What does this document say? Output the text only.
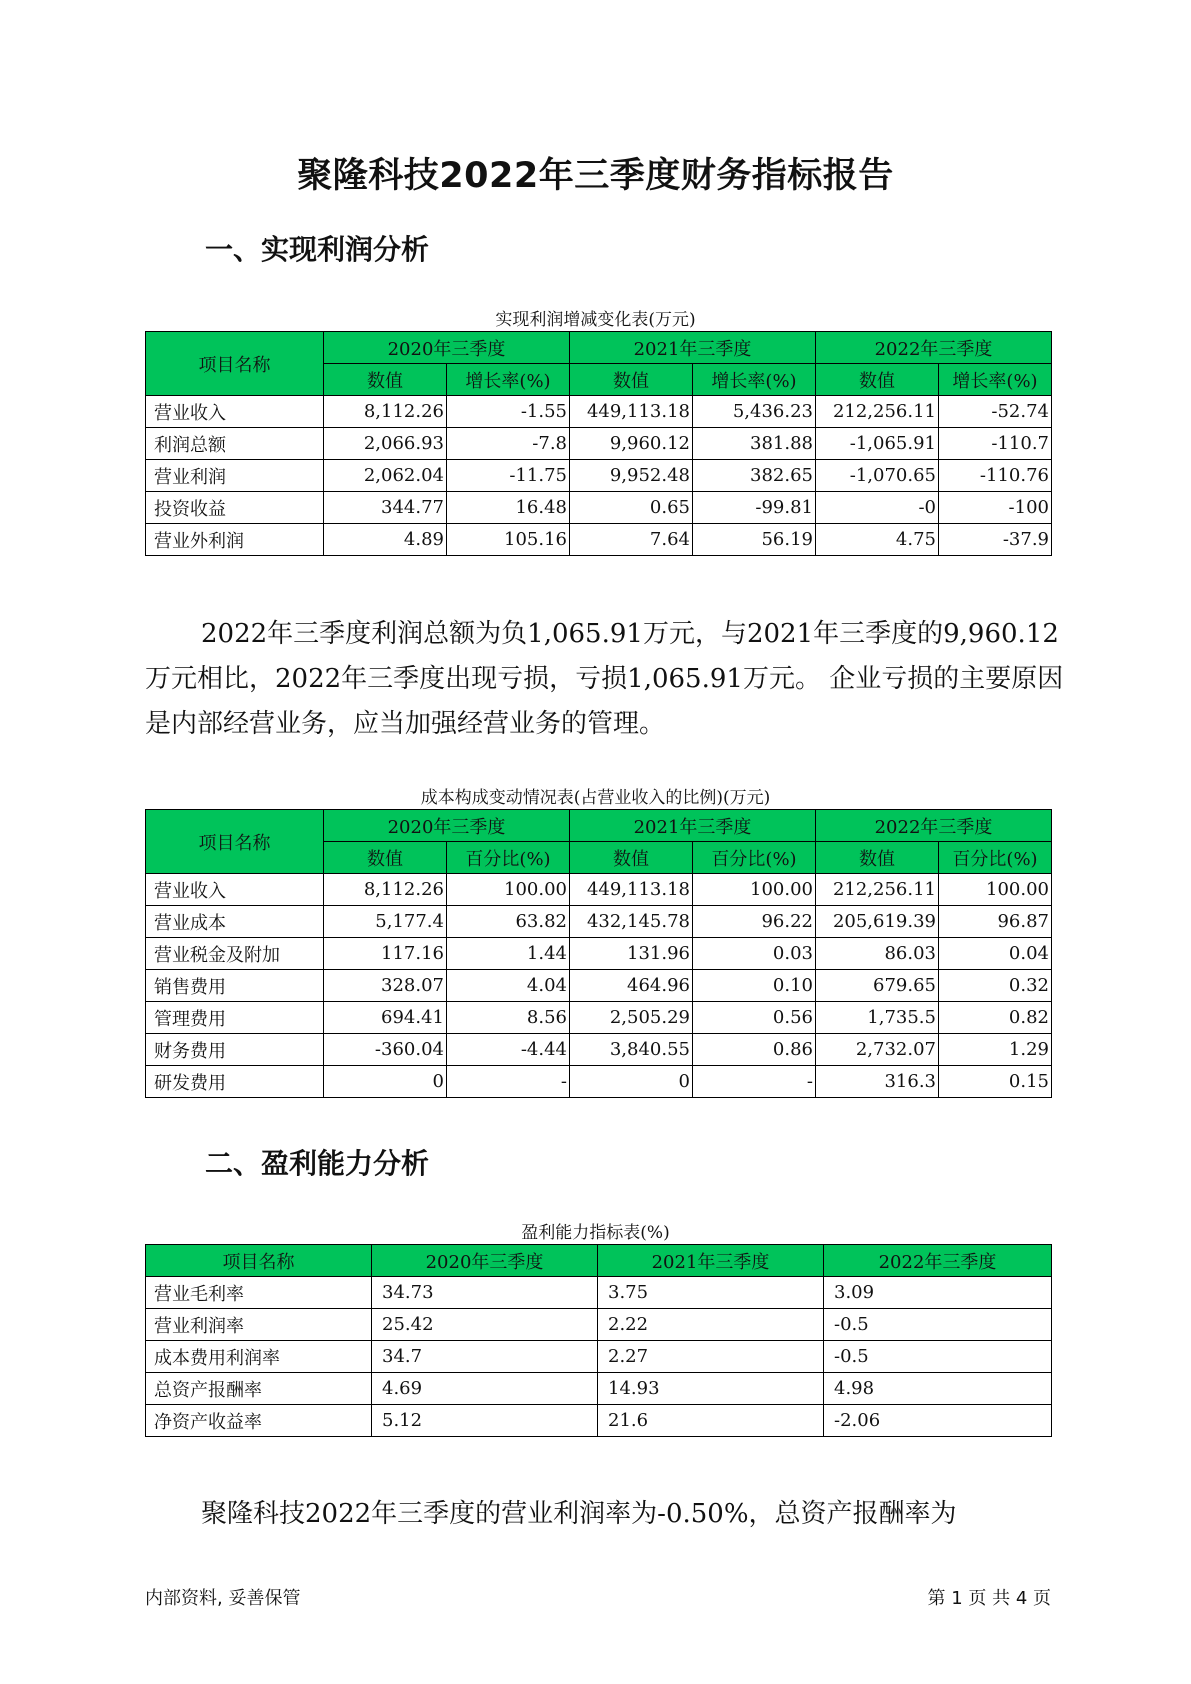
聚隆科技2022年三季度财务指标报告
一、实现利润分析
实现利润增减变化表(万元)
项目名称	2020年三季度		2021年三季度		2022年三季度	
	数值	增长率(%)	数值	增长率(%)	数值	增长率(%)
营业收入	8,112.26	-1.55	449,113.18	5,436.23	212,256.11	-52.74
利润总额	2,066.93	-7.8	9,960.12	381.88	-1,065.91	-110.7
营业利润	2,062.04	-11.75	9,952.48	382.65	-1,070.65	-110.76
投资收益	344.77	16.48	0.65	-99.81	-0	-100
营业外利润	4.89	105.16	7.64	56.19	4.75	-37.9
2022年三季度利润总额为负1,065.91万元，与2021年三季度的9,960.12万元相比，2022年三季度出现亏损，亏损1,065.91万元。 企业亏损的主要原因是内部经营业务，应当加强经营业务的管理。
成本构成变动情况表(占营业收入的比例)(万元)
项目名称	2020年三季度		2021年三季度		2022年三季度	
	数值	百分比(%)	数值	百分比(%)	数值	百分比(%)
营业收入	8,112.26	100.00	449,113.18	100.00	212,256.11	100.00
营业成本	5,177.4	63.82	432,145.78	96.22	205,619.39	96.87
营业税金及附加	117.16	1.44	131.96	0.03	86.03	0.04
销售费用	328.07	4.04	464.96	0.10	679.65	0.32
管理费用	694.41	8.56	2,505.29	0.56	1,735.5	0.82
财务费用	-360.04	-4.44	3,840.55	0.86	2,732.07	1.29
研发费用	0	-	0	-	316.3	0.15
二、盈利能力分析
盈利能力指标表(%)
项目名称	2020年三季度	2021年三季度	2022年三季度
营业毛利率	34.73	3.75	3.09
营业利润率	25.42	2.22	-0.5
成本费用利润率	34.7	2.27	-0.5
总资产报酬率	4.69	14.93	4.98
净资产收益率	5.12	21.6	-2.06
聚隆科技2022年三季度的营业利润率为-0.50%，总资产报酬率为
内部资料, 妥善保管	第 1 页 共 4 页
